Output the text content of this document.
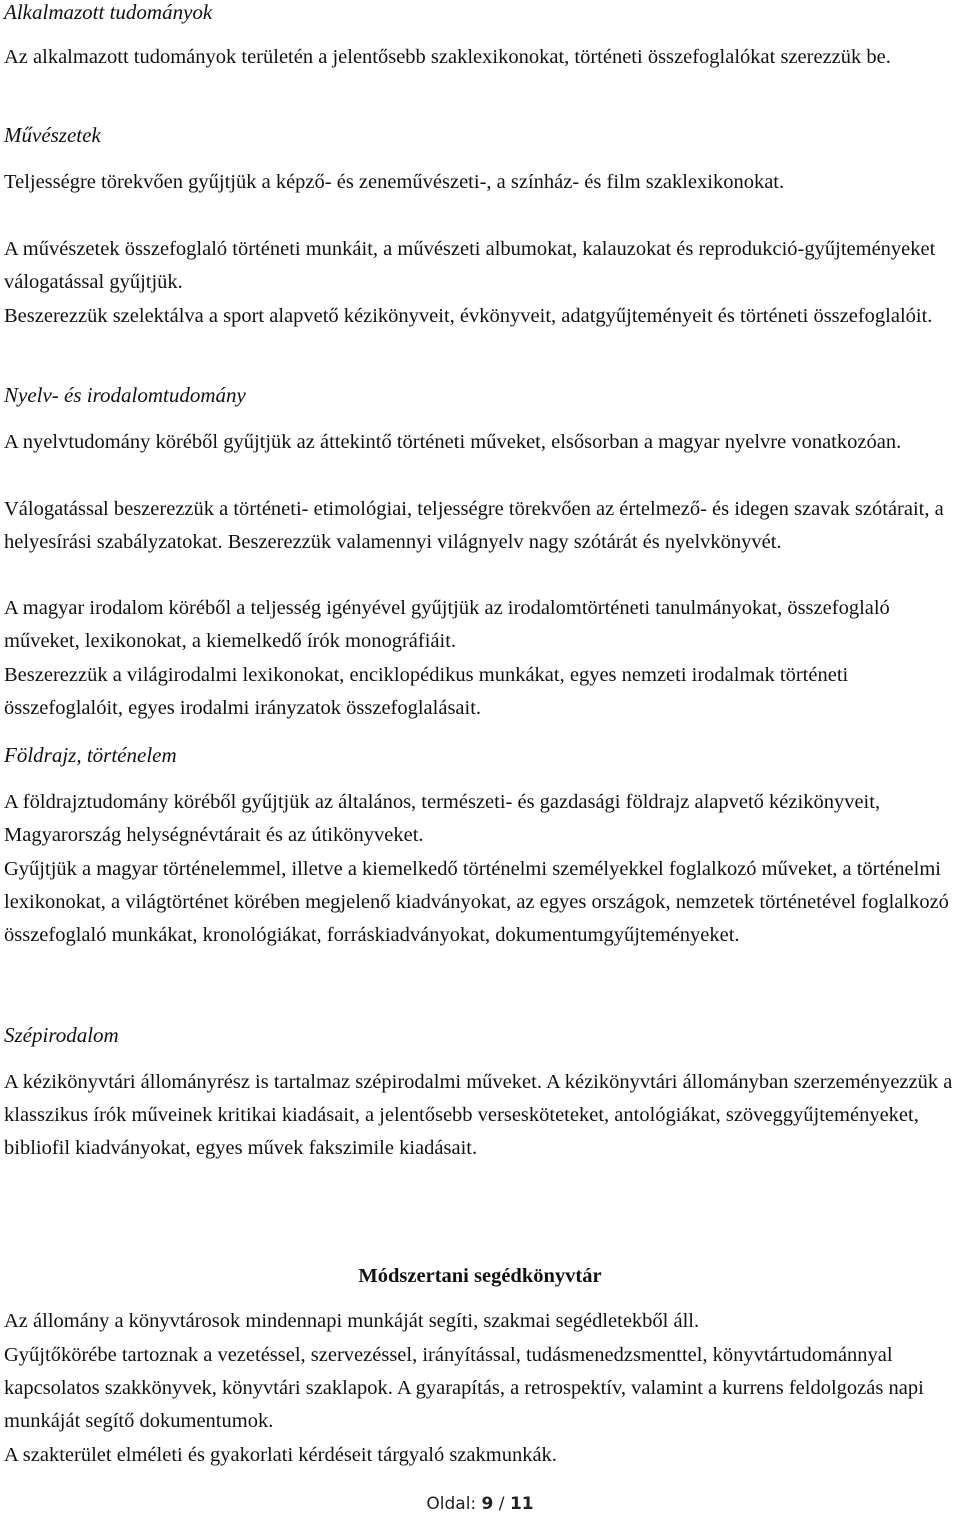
Alkalmazott tudományok

Az alkalmazott tudományok területén a jelentősebb szaklexikonokat, történeti összefoglalókat szerezzük be.

Művészetek

Teljességre törekvően gyűjtjük a képző- és zeneművészeti-, a színház- és film szaklexikonokat.

A művészetek összefoglaló történeti munkáit, a művészeti albumokat, kalauzokat és reprodukció-gyűjteményeket válogatással gyűjtjük.

Beszerezzük szelektálva a sport alapvető kézikönyveit, évkönyveit, adatgyűjteményeit és történeti összefoglalóit.

Nyelv- és irodalomtudomány

A nyelvtudomány köréből gyűjtjük az áttekintő történeti műveket, elsősorban a magyar nyelvre vonatkozóan.

Válogatással beszerezzük a történeti- etimológiai, teljességre törekvően az értelmező- és idegen szavak szótárait, a helyesírási szabályzatokat. Beszerezzük valamennyi világnyelv nagy szótárát és nyelvkönyvét.

A magyar irodalom köréből a teljesség igényével gyűjtjük az irodalomtörténeti tanulmányokat, összefoglaló műveket, lexikonokat, a kiemelkedő írók monográfiáit.

Beszerezzük a világirodalmi lexikonokat, enciklopédikus munkákat, egyes nemzeti irodalmak történeti összefoglalóit, egyes irodalmi irányzatok összefoglalásait.

Földrajz, történelem

A földrajztudomány köréből gyűjtjük az általános, természeti- és gazdasági földrajz alapvető kézikönyveit, Magyarország helységnévtárait és az útikönyveket.

Gyűjtjük a magyar történelemmel, illetve a kiemelkedő történelmi személyekkel foglalkozó műveket, a történelmi lexikonokat, a világtörténet körében megjelenő kiadványokat, az egyes országok, nemzetek történetével foglalkozó összefoglaló munkákat, kronológiákat, forráskiadványokat, dokumentumgyűjteményeket.

Szépirodalom

A kézikönyvtári állományrész is tartalmaz szépirodalmi műveket. A kézikönyvtári állományban szerzeményezzük a klasszikus írók műveinek kritikai kiadásait, a jelentősebb versesköteteket, antológiákat, szöveggyűjteményeket, bibliofil kiadványokat, egyes művek fakszimile kiadásait.

Módszertani segédkönyvtár

Az állomány a könyvtárosok mindennapi munkáját segíti, szakmai segédletekből áll.

Gyűjtőkörébe tartoznak a vezetéssel, szervezéssel, irányítással, tudásmenedzsmenttel, könyvtártudománnyal kapcsolatos szakkönyvek, könyvtári szaklapok. A gyarapítás, a retrospektív, valamint a kurrens feldolgozás napi munkáját segítő dokumentumok.

A szakterület elméleti és gyakorlati kérdéseit tárgyaló szakmunkák.

Oldal: 9 / 11
